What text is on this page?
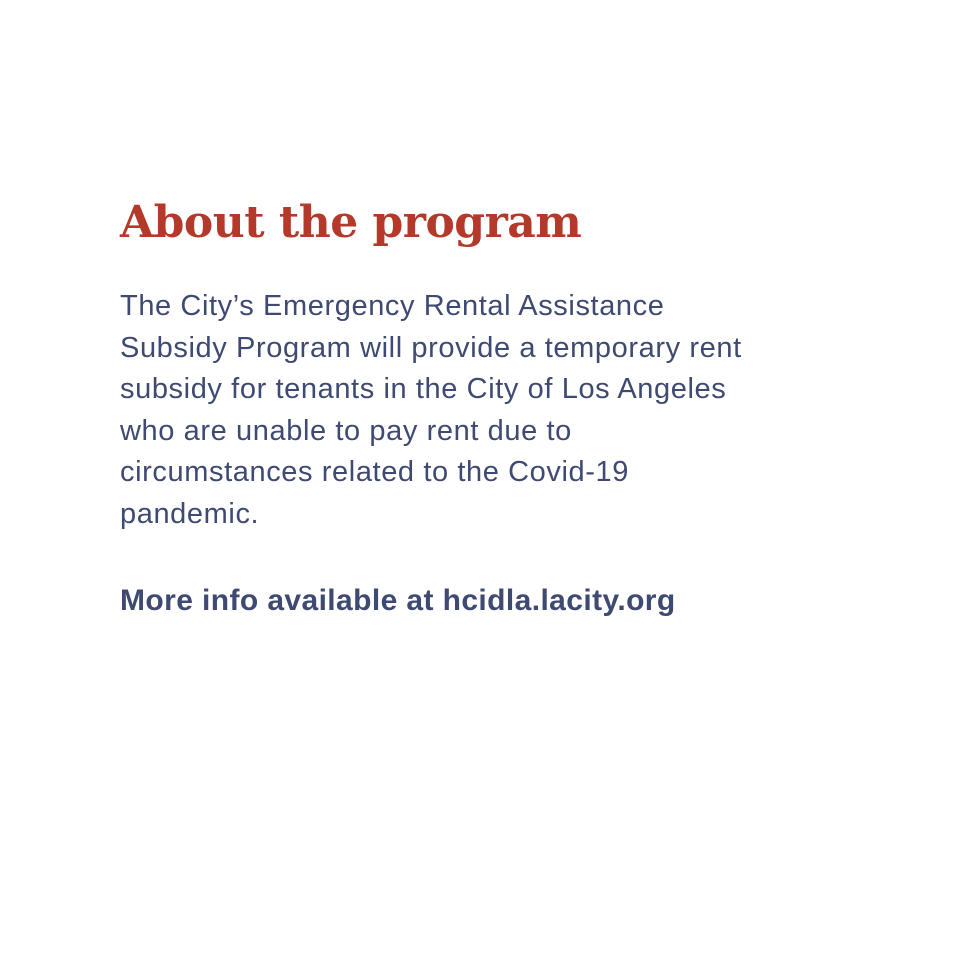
About the program

The City’s Emergency Rental Assistance
Subsidy Program will provide a temporary rent
subsidy for tenants in the City of Los Angeles
who are unable to pay rent due to
circumstances related to the Covid-19
pandemic.

More info available at hcidla.lacity.org
